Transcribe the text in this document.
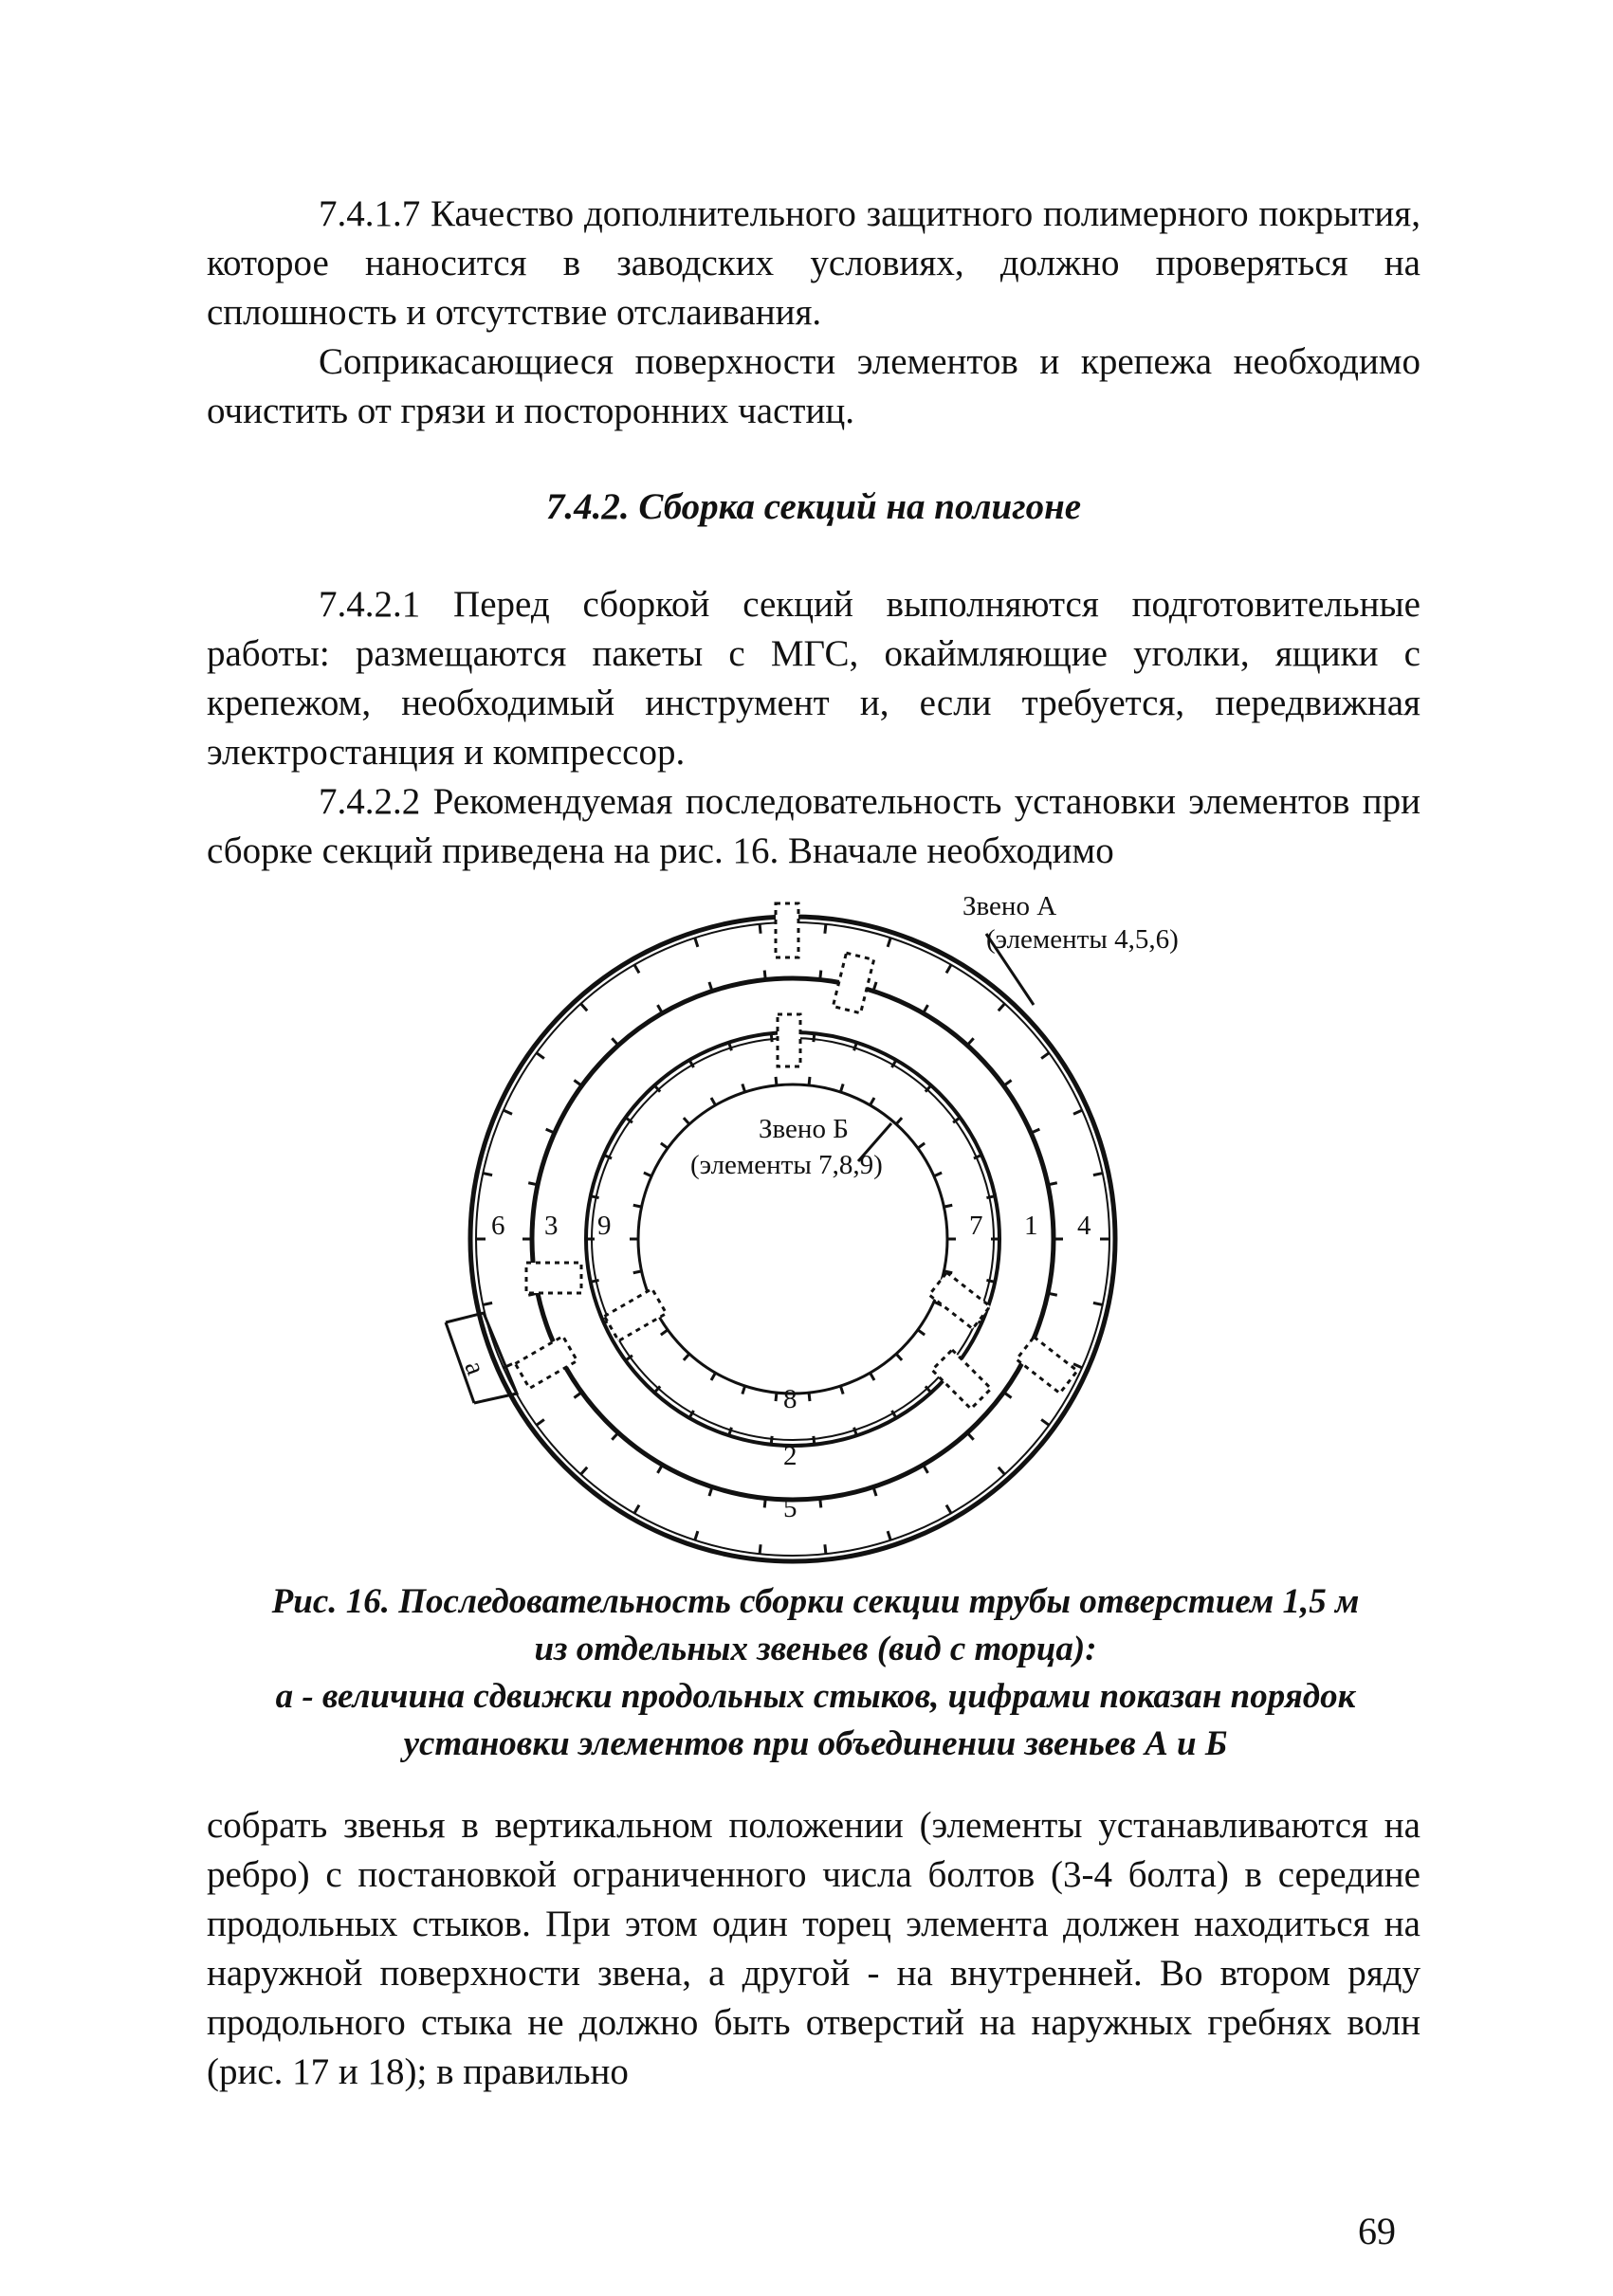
7.4.1.7 Качество дополнительного защитного полимерного покрытия, которое наносится в заводских условиях, должно проверяться на сплошность и отсутствие отслаивания.

Соприкасающиеся поверхности элементов и крепежа необходимо очистить от грязи и посторонних частиц.

7.4.2. Сборка секций на полигоне

7.4.2.1 Перед сборкой секций выполняются подготовительные работы: размещаются пакеты с МГС, окаймляющие уголки, ящики с крепежом, необходимый инструмент и, если требуется, передвижная электростанция и компрессор.

7.4.2.2 Рекомендуемая последовательность установки элементов при сборке секций приведена на рис. 16. Вначале необходимо

Звено А
(элементы 4,5,6)
Звено Б
(элементы 7,8,9)
6 3 9	7 1 4
8
2
5
а
Рис. 16. Последовательность сборки секции трубы отверстием 1,5 м
из отдельных звеньев (вид с торца):
а - величина сдвижки продольных стыков, цифрами показан порядок
установки элементов при объединении звеньев А и Б

собрать звенья в вертикальном положении (элементы устанавливаются на ребро) с постановкой ограниченного числа болтов (3-4 болта) в середине продольных стыков. При этом один торец элемента должен находиться на наружной поверхности звена, а другой - на внутренней. Во втором ряду продольного стыка не должно быть отверстий на наружных гребнях волн (рис. 17 и 18); в правильно

69
